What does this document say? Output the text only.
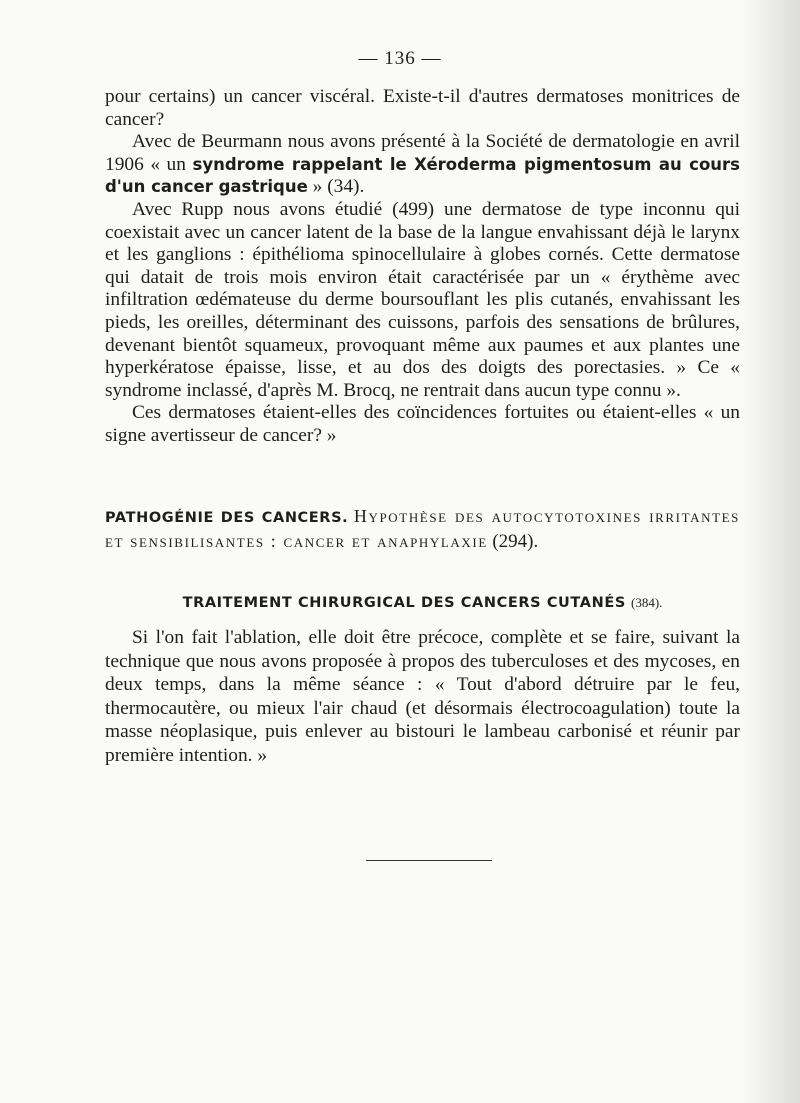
— 136 —

pour certains) un cancer viscéral. Existe-t-il d'autres dermatoses monitrices de cancer?

Avec de Beurmann nous avons présenté à la Société de dermatologie en avril 1906 « un syndrome rappelant le Xéroderma pigmentosum au cours d'un cancer gastrique » (34).

Avec Rupp nous avons étudié (499) une dermatose de type inconnu qui coexistait avec un cancer latent de la base de la langue envahissant déjà le larynx et les ganglions : épithélioma spinocellulaire à globes cornés. Cette dermatose qui datait de trois mois environ était caractérisée par un « érythème avec infiltration œdémateuse du derme boursouflant les plis cutanés, envahissant les pieds, les oreilles, déterminant des cuissons, parfois des sensations de brûlures, devenant bientôt squameux, provoquant même aux paumes et aux plantes une hyperkératose épaisse, lisse, et au dos des doigts des porectasies. » Ce « syndrome inclassé, d'après M. Brocq, ne rentrait dans aucun type connu ».

Ces dermatoses étaient-elles des coïncidences fortuites ou étaient-elles « un signe avertisseur de cancer? »

PATHOGÉNIE DES CANCERS. Hypothèse des autocytotoxines irritantes et sensibilisantes : cancer et anaphylaxie (294).
TRAITEMENT CHIRURGICAL DES CANCERS CUTANÉS (384).

Si l'on fait l'ablation, elle doit être précoce, complète et se faire, suivant la technique que nous avons proposée à propos des tuberculoses et des mycoses, en deux temps, dans la même séance : « Tout d'abord détruire par le feu, thermocautère, ou mieux l'air chaud (et désormais électrocoagulation) toute la masse néoplasique, puis enlever au bistouri le lambeau carbonisé et réunir par première intention. »
